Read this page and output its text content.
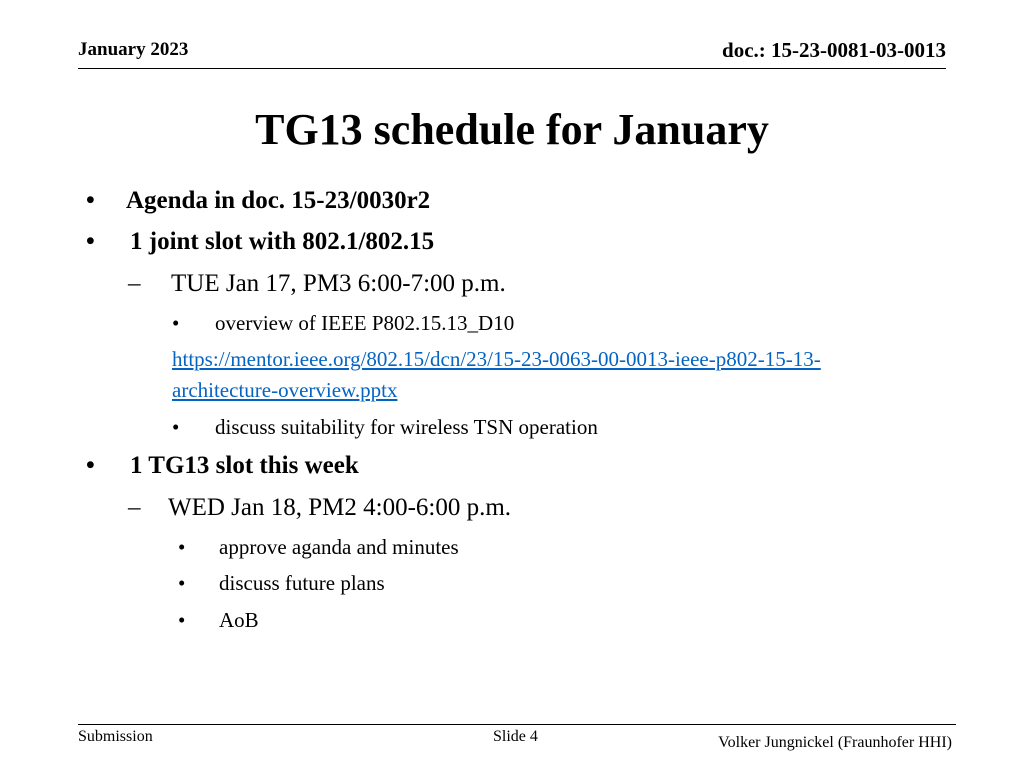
January 2023	doc.: 15-23-0081-03-0013
TG13 schedule for January
• Agenda in doc. 15-23/0030r2
• 1 joint slot with 802.1/802.15
– TUE Jan 17, PM3 6:00-7:00 p.m.
• overview of IEEE P802.15.13_D10
https://mentor.ieee.org/802.15/dcn/23/15-23-0063-00-0013-ieee-p802-15-13-
architecture-overview.pptx
• discuss suitability for wireless TSN operation
• 1 TG13 slot this week
– WED Jan 18, PM2 4:00-6:00 p.m.
• approve aganda and minutes
• discuss future plans
• AoB
Submission	Slide 4	Volker Jungnickel (Fraunhofer HHI)
